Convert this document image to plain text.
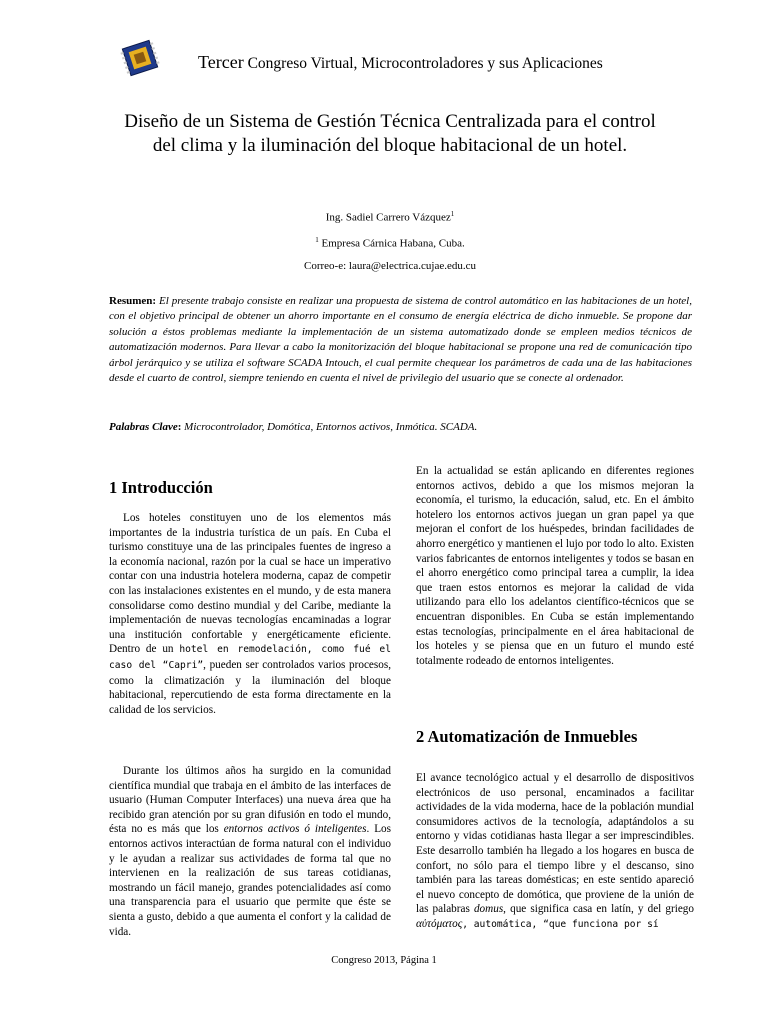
Tercer Congreso Virtual, Microcontroladores y sus Aplicaciones
Diseño de un Sistema de Gestión Técnica Centralizada para el control
del clima y la iluminación del bloque habitacional de un hotel.
Ing. Sadiel Carrero Vázquez$^1$
$^1$ Empresa Cárnica Habana, Cuba.
Correo-e: laura@electrica.cujae.edu.cu
Resumen: El presente trabajo consiste en realizar una propuesta de sistema de control automático en las habitaciones de un hotel, con el objetivo principal de obtener un ahorro importante en el consumo de energía eléctrica de dicho inmueble. Se propone dar solución a éstos problemas mediante la implementación de un sistema automatizado donde se empleen medios técnicos de automatización modernos. Para llevar a cabo la monitorización del bloque habitacional se propone una red de comunicación tipo árbol jerárquico y se utiliza el software SCADA Intouch, el cual permite chequear los parámetros de cada una de las habitaciones desde el cuarto de control, siempre teniendo en cuenta el nivel de privilegio del usuario que se conecte al ordenador.
Palabras Clave: Microcontrolador, Domótica, Entornos activos, Inmótica. SCADA.
1 Introducción

Los hoteles constituyen uno de los elementos más importantes de la industria turística de un país. En Cuba el turismo constituye una de las principales fuentes de ingreso a la economía nacional, razón por la cual se hace un imperativo contar con una industria hotelera moderna, capaz de competir con las instalaciones existentes en el mundo, y de esta manera consolidarse como destino mundial y del Caribe, mediante la implementación de nuevas tecnologías encaminadas a lograr una institución confortable y energéticamente eficiente. Dentro de un hotel en remodelación, como fué el caso del “Capri”, pueden ser controlados varios procesos, como la climatización y la iluminación del bloque habitacional, repercutiendo de esta forma directamente en la calidad de los servicios.

Durante los últimos años ha surgido en la comunidad científica mundial que trabaja en el ámbito de las interfaces de usuario (Human Computer Interfaces) una nueva área que ha recibido gran atención por su gran difusión en todo el mundo, ésta no es más que los entornos activos ó inteligentes. Los entornos activos interactúan de forma natural con el individuo y le ayudan a realizar sus actividades de forma tal que no intervienen en la realización de sus tareas cotidianas, mostrando un fácil manejo, grandes potencialidades así como una transparencia para el usuario que permite que éste se sienta a gusto, debido a que aumenta el confort y la calidad de vida.

En la actualidad se están aplicando en diferentes regiones entornos activos, debido a que los mismos mejoran la economía, el turismo, la educación, salud, etc. En el ámbito hotelero los entornos activos juegan un gran papel ya que mejoran el confort de los huéspedes, brindan facilidades de ahorro energético y mantienen el lujo por todo lo alto. Existen varios fabricantes de entornos inteligentes y todos se basan en el ahorro energético como principal tarea a cumplir, la idea que traen estos entornos es mejorar la calidad de vida utilizando para ello los adelantos científico-técnicos que se encuentran disponibles. En Cuba se están implementando estas tecnologías, principalmente en el área habitacional de los hoteles y se piensa que en un futuro el mundo esté totalmente rodeado de entornos inteligentes.

2 Automatización de Inmuebles

El avance tecnológico actual y el desarrollo de dispositivos electrónicos de uso personal, encaminados a facilitar actividades de la vida moderna, hace de la población mundial consumidores activos de la tecnología, adaptándolos a su entorno y vidas cotidianas hasta llegar a ser imprescindibles. Este desarrollo también ha llegado a los hogares en busca de confort, no sólo para el tiempo libre y el descanso, sino también para las tareas domésticas; en este sentido apareció el nuevo concepto de domótica, que proviene de la unión de las palabras domus, que significa casa en latín, y del griego αὐτόματος, automática, “que funciona por sí

Congreso 2013, Página 1
